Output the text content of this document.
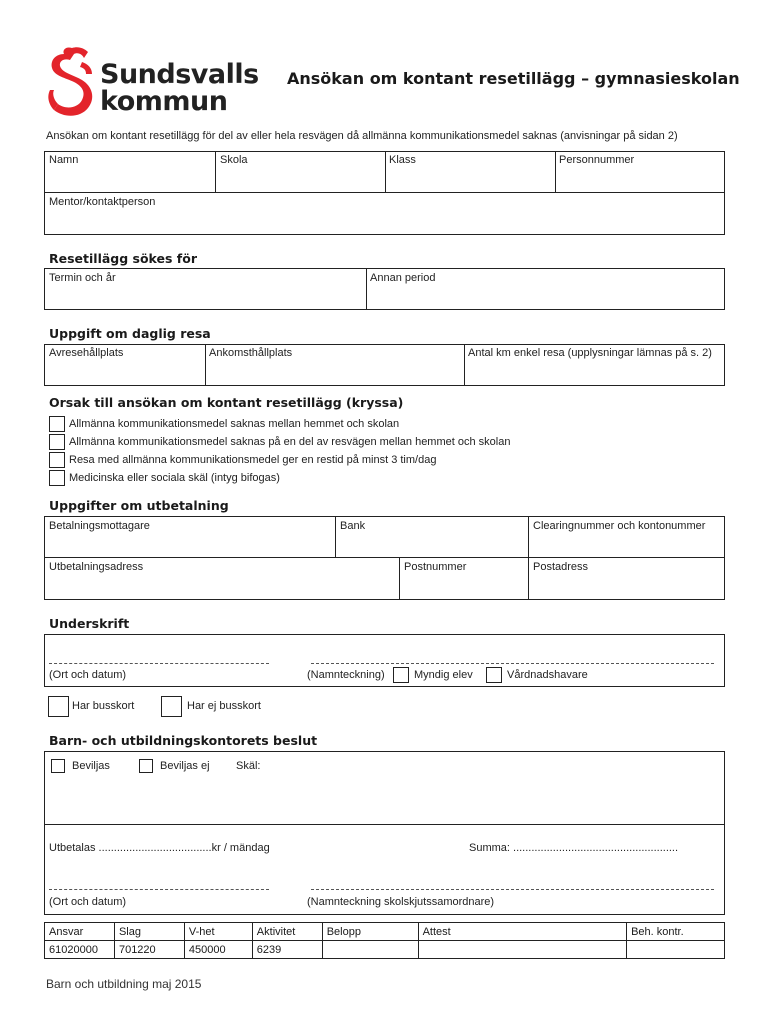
Sundsvalls
kommun
Ansökan om kontant resetillägg – gymnasieskolan
Ansökan om kontant resetillägg för del av eller hela resvägen då allmänna kommunikationsmedel saknas (anvisningar på sidan 2)
Namn	Skola	Klass	Personnummer
Mentor/kontaktperson
Resetillägg sökes för
Termin och år	Annan period
Uppgift om daglig resa
Avresehållplats	Ankomsthållplats	Antal km enkel resa (upplysningar lämnas på s. 2)
Orsak till ansökan om kontant resetillägg (kryssa)
Allmänna kommunikationsmedel saknas mellan hemmet och skolan
Allmänna kommunikationsmedel saknas på en del av resvägen mellan hemmet och skolan
Resa med allmänna kommunikationsmedel ger en restid på minst 3 tim/dag
Medicinska eller sociala skäl (intyg bifogas)
Uppgifter om utbetalning
Betalningsmottagare	Bank	Clearingnummer och kontonummer
Utbetalningsadress	Postnummer	Postadress
Underskrift
(Ort och datum)	(Namnteckning)	Myndig elev	Vårdnadshavare
Har busskort	Har ej busskort
Barn- och utbildningskontorets beslut
Beviljas	Beviljas ej Skäl:
Utbetalas .....................................kr / mändag	Summa: ......................................................
(Ort och datum)	(Namnteckning skolskjutssamordnare)
Ansvar	Slag	V-het	Aktivitet	Belopp	Attest	Beh. kontr.
61020000	701220	450000	6239			
Barn och utbildning maj 2015
